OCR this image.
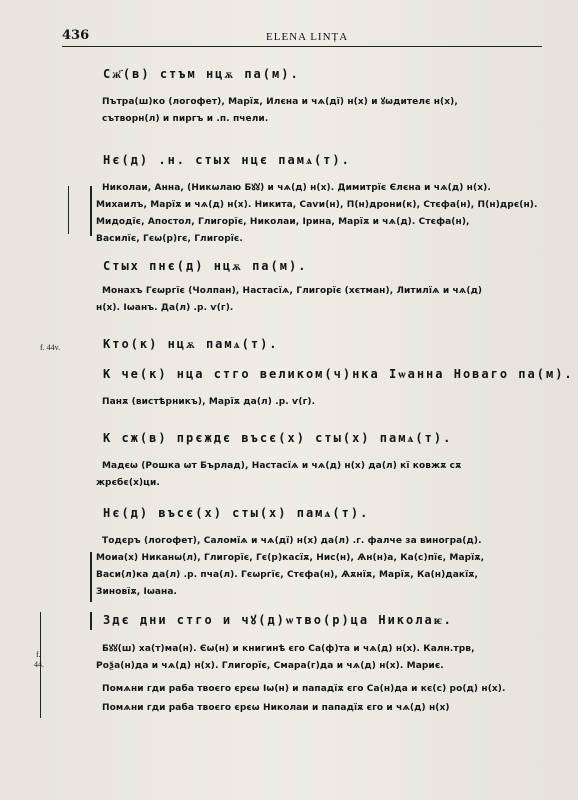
436	ELENA LINȚA
f. 44v.
f.
44.
Сж҃(в) стъм нцѫ па(м).
Пътра(ш)ко (логофет), Марїѫ, Илєна и чѧ(дї) н(х) и ꙋѡдителє н(х),
сътворн(л) и пиргъ и .п. пчели.
Нє(д) .н. стых нцє памѧ(т).
Николаи, Анна, (Никѡлаю Бꙋꙋ) и чѧ(д) н(х). Димитрїє Єлєна и чѧ(д) н(х).
Михаилъ, Марїѫ и чѧ(д) н(х). Никита, Саѵи(н), П(н)дрони(к), Стєфа(н), П(н)дрє(н).
Мидодїє, Апостол, Глигорїє, Николаи, Ірина, Марїѫ и чѧ(д). Стєфа(н),
Василїє, Гєѡ(р)гє, Глигорїє.
Стых пнє(д) нцѫ па(м).
Монахъ Гєѡргїє (Чолпан), Настасїѧ, Глигорїє (хєтман), Литилїѧ и чѧ(д)
н(х). Іѡанъ. Да(л) .р. ѵ(г).
Кто(к) нцѫ памѧ(т).
К че(к) нца стго великом(ч)нка Іѡанна Новаго па(м).
Панѫ (вистѣрникъ), Марїѫ да(л) .р. ѵ(г).
К сж(в) прєждє въсє(х) сты(х) памѧ(т).
Мадєѡ (Рошка ѡт Бърлад), Настасїѧ и чѧ(д) н(х) да(л) кї ковжѫ сѫ
жрєбє(х)ци.
Нє(д) въсє(х) сты(х) памѧ(т).
Тодєръ (логофет), Саломїѧ и чѧ(дї) н(х) да(л) .г. фалче за виногра(д).
Моиа(х) Никанѡ(л), Глигорїє, Гє(р)касїѫ, Нис(н), Ѧн(н)а, Ка(с)пїє, Марїѫ,
Васи(л)ка да(л) .р. пча(л). Гєѡргїє, Стєфа(н), Ѧѫнїѫ, Марїѫ, Ка(н)дакїѫ,
Зиновїѫ, Іѡана.
Здє дни стго и чꙋ(д)ѡтво(р)ца Николаѥ.
Бꙋꙋ(ш) ха(т)ма(н). Єѡ(н) и книгинѣ єго Са(ф)та и чѧ(д) н(х). Калн.трв,
Роѯа(н)да и чѧ(д) н(х). Глигорїє, Смара(г)да и чѧ(д) н(х). Мариє.
Помѧни гди раба твоєго єрєѡ Іѡ(н) и пападїѫ єго Са(н)да и кє(с) ро(д) н(х).
Помѧни гди раба твоєго єрєѡ Николаи и пападїѫ єго и чѧ(д) н(х)
